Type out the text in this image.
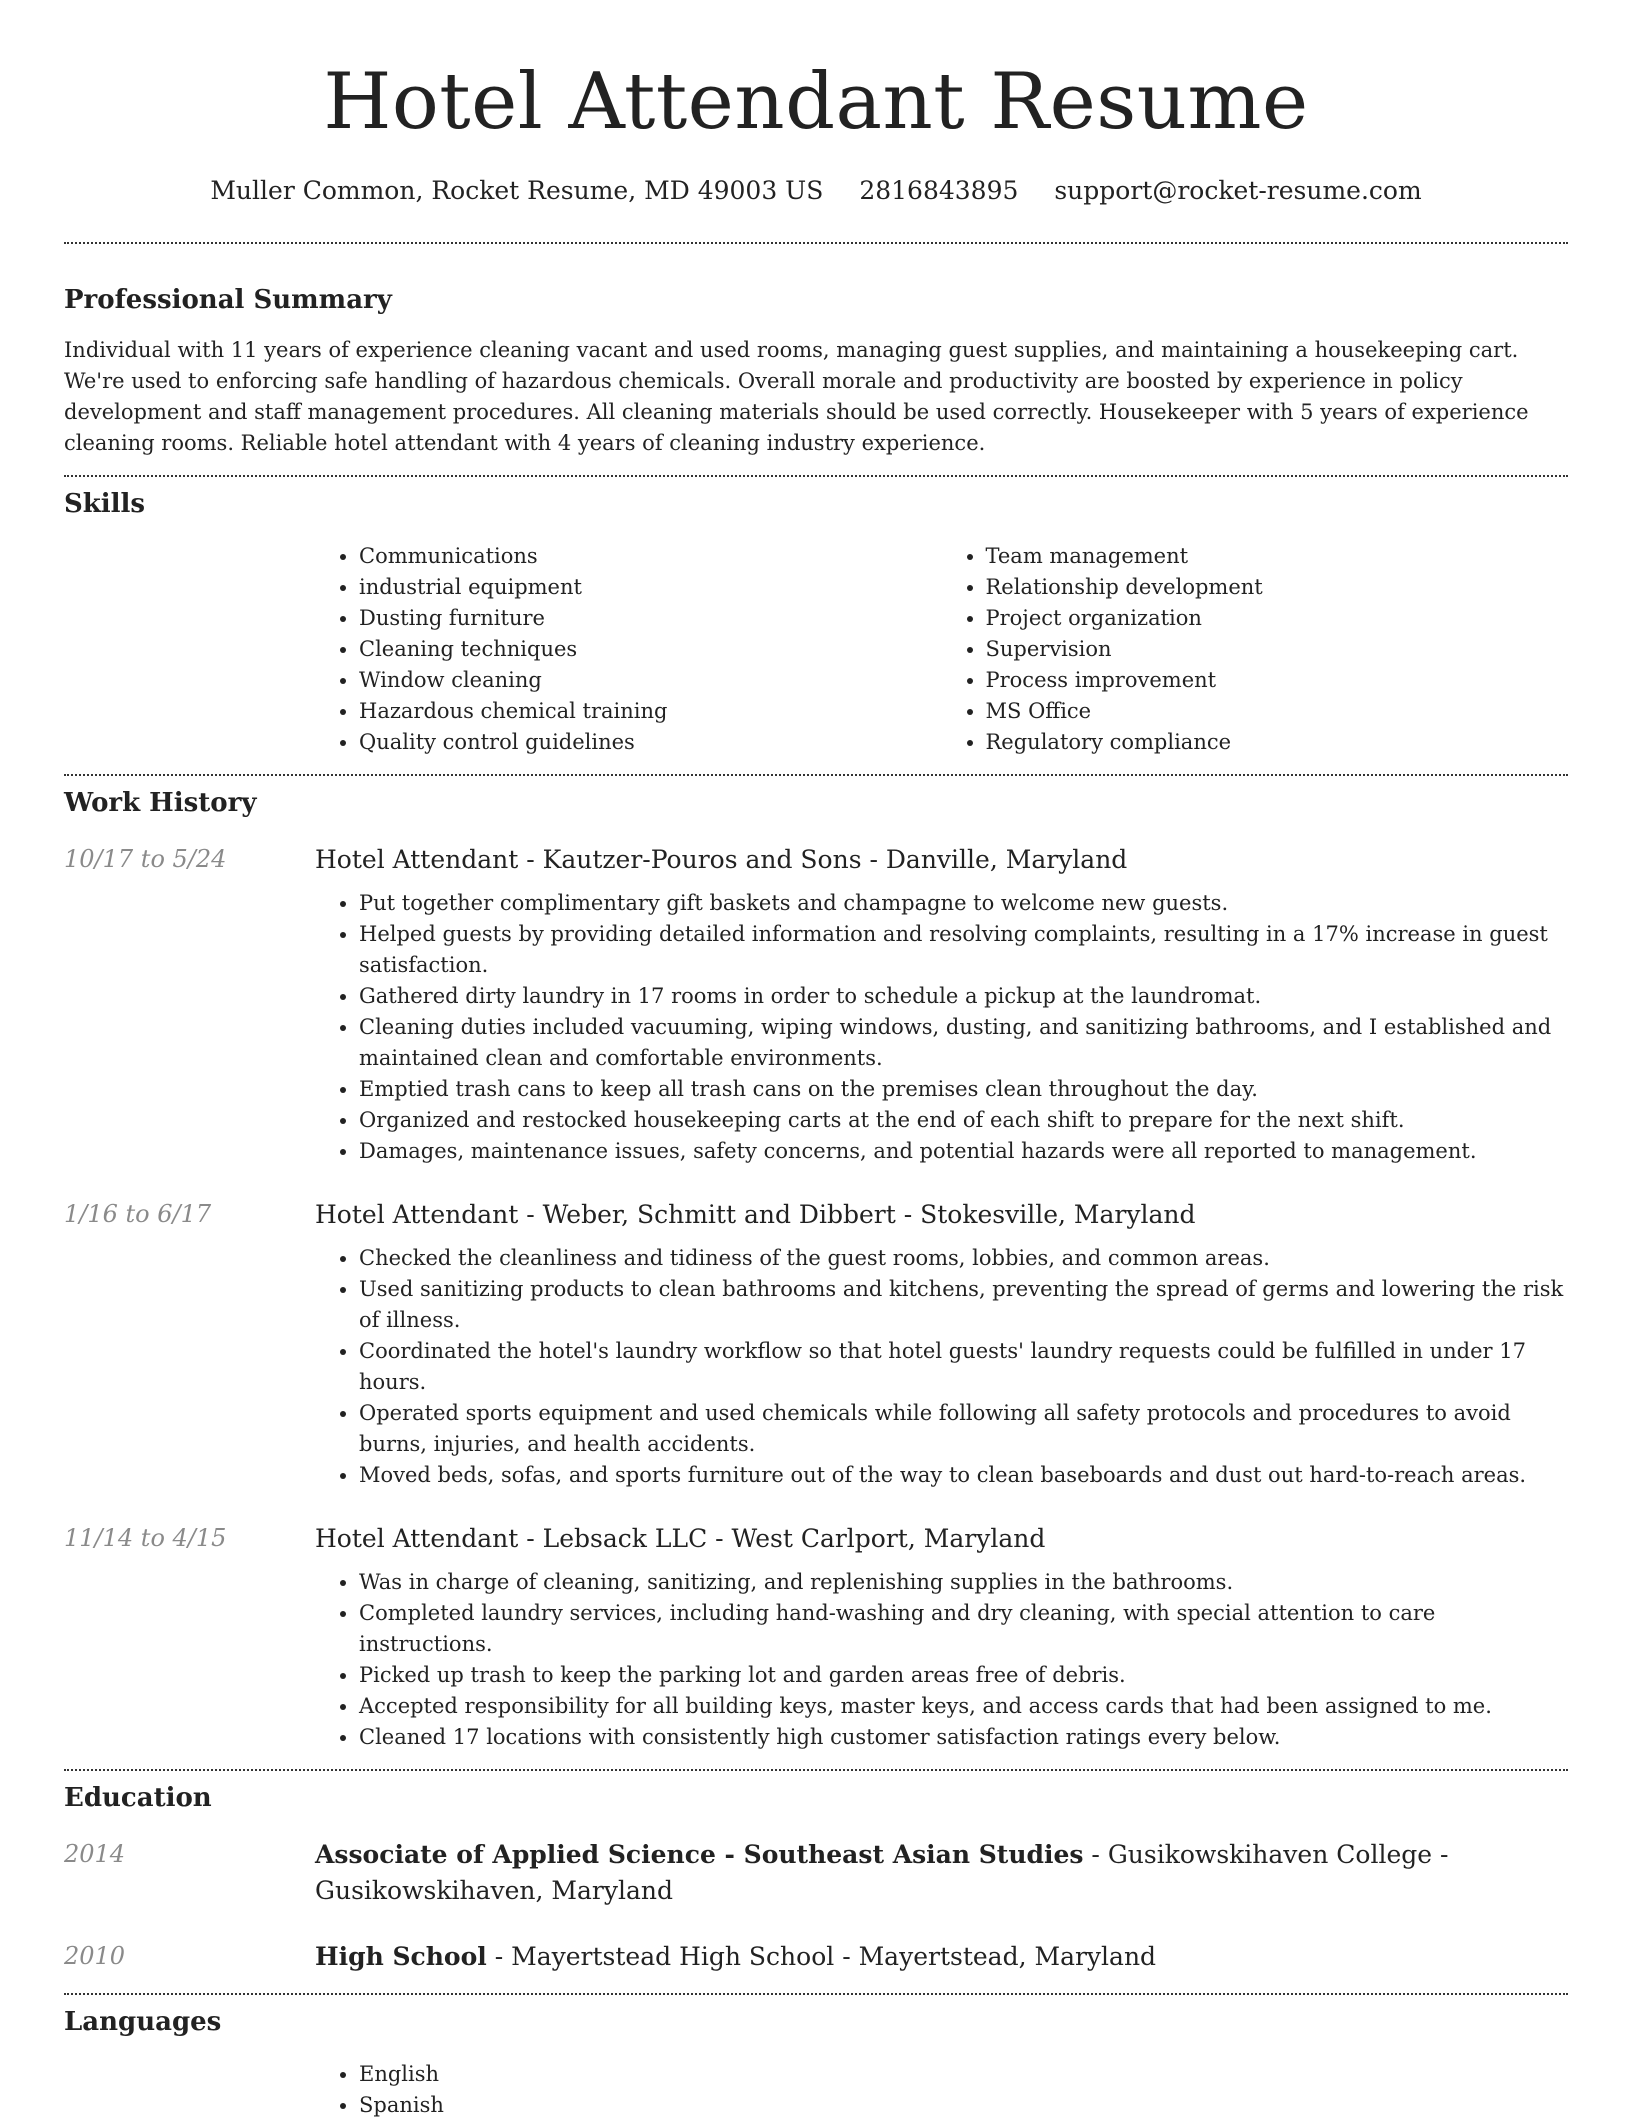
Hotel Attendant Resume
Muller Common, Rocket Resume, MD 49003 US 2816843895 support@rocket-resume.com
Professional Summary

Individual with 11 years of experience cleaning vacant and used rooms, managing guest supplies, and maintaining a housekeeping cart. We're used to enforcing safe handling of hazardous chemicals. Overall morale and productivity are boosted by experience in policy development and staff management procedures. All cleaning materials should be used correctly. Housekeeper with 5 years of experience cleaning rooms. Reliable hotel attendant with 4 years of cleaning industry experience.

Skills
• Communications
• industrial equipment
• Dusting furniture
• Cleaning techniques
• Window cleaning
• Hazardous chemical training
• Quality control guidelines
• Team management
• Relationship development
• Project organization
• Supervision
• Process improvement
• MS Office
• Regulatory compliance
Work History
10/17 to 5/24	Hotel Attendant - Kautzer-Pouros and Sons - Danville, Maryland
• Put together complimentary gift baskets and champagne to welcome new guests.
• Helped guests by providing detailed information and resolving complaints, resulting in a 17% increase in guest satisfaction.
• Gathered dirty laundry in 17 rooms in order to schedule a pickup at the laundromat.
• Cleaning duties included vacuuming, wiping windows, dusting, and sanitizing bathrooms, and I established and maintained clean and comfortable environments.
• Emptied trash cans to keep all trash cans on the premises clean throughout the day.
• Organized and restocked housekeeping carts at the end of each shift to prepare for the next shift.
• Damages, maintenance issues, safety concerns, and potential hazards were all reported to management.
1/16 to 6/17	Hotel Attendant - Weber, Schmitt and Dibbert - Stokesville, Maryland
• Checked the cleanliness and tidiness of the guest rooms, lobbies, and common areas.
• Used sanitizing products to clean bathrooms and kitchens, preventing the spread of germs and lowering the risk of illness.
• Coordinated the hotel's laundry workflow so that hotel guests' laundry requests could be fulfilled in under 17 hours.
• Operated sports equipment and used chemicals while following all safety protocols and procedures to avoid burns, injuries, and health accidents.
• Moved beds, sofas, and sports furniture out of the way to clean baseboards and dust out hard-to-reach areas.
11/14 to 4/15	Hotel Attendant - Lebsack LLC - West Carlport, Maryland
• Was in charge of cleaning, sanitizing, and replenishing supplies in the bathrooms.
• Completed laundry services, including hand-washing and dry cleaning, with special attention to care instructions.
• Picked up trash to keep the parking lot and garden areas free of debris.
• Accepted responsibility for all building keys, master keys, and access cards that had been assigned to me.
• Cleaned 17 locations with consistently high customer satisfaction ratings every below.
Education
2014	Associate of Applied Science - Southeast Asian Studies - Gusikowskihaven College - Gusikowskihaven, Maryland
2010	High School - Mayertstead High School - Mayertstead, Maryland
Languages
• English
• Spanish
